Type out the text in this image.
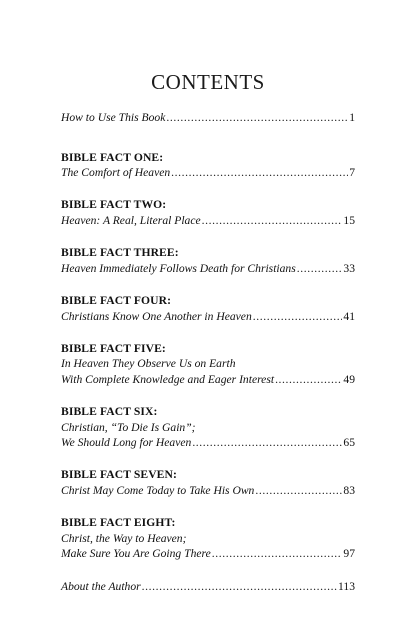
CONTENTS
How to Use This Book .....	1
BIBLE FACT ONE:
The Comfort of Heaven .....	7
BIBLE FACT TWO:
Heaven: A Real, Literal Place .....	15
BIBLE FACT THREE:
Heaven Immediately Follows Death for Christians .....	33
BIBLE FACT FOUR:
Christians Know One Another in Heaven .....	41
BIBLE FACT FIVE:
In Heaven They Observe Us on Earth
With Complete Knowledge and Eager Interest .....	49
BIBLE FACT SIX:
Christian, “To Die Is Gain”;
We Should Long for Heaven .....	65
BIBLE FACT SEVEN:
Christ May Come Today to Take His Own .....	83
BIBLE FACT EIGHT:
Christ, the Way to Heaven;
Make Sure You Are Going There .....	97
About the Author .....	113
